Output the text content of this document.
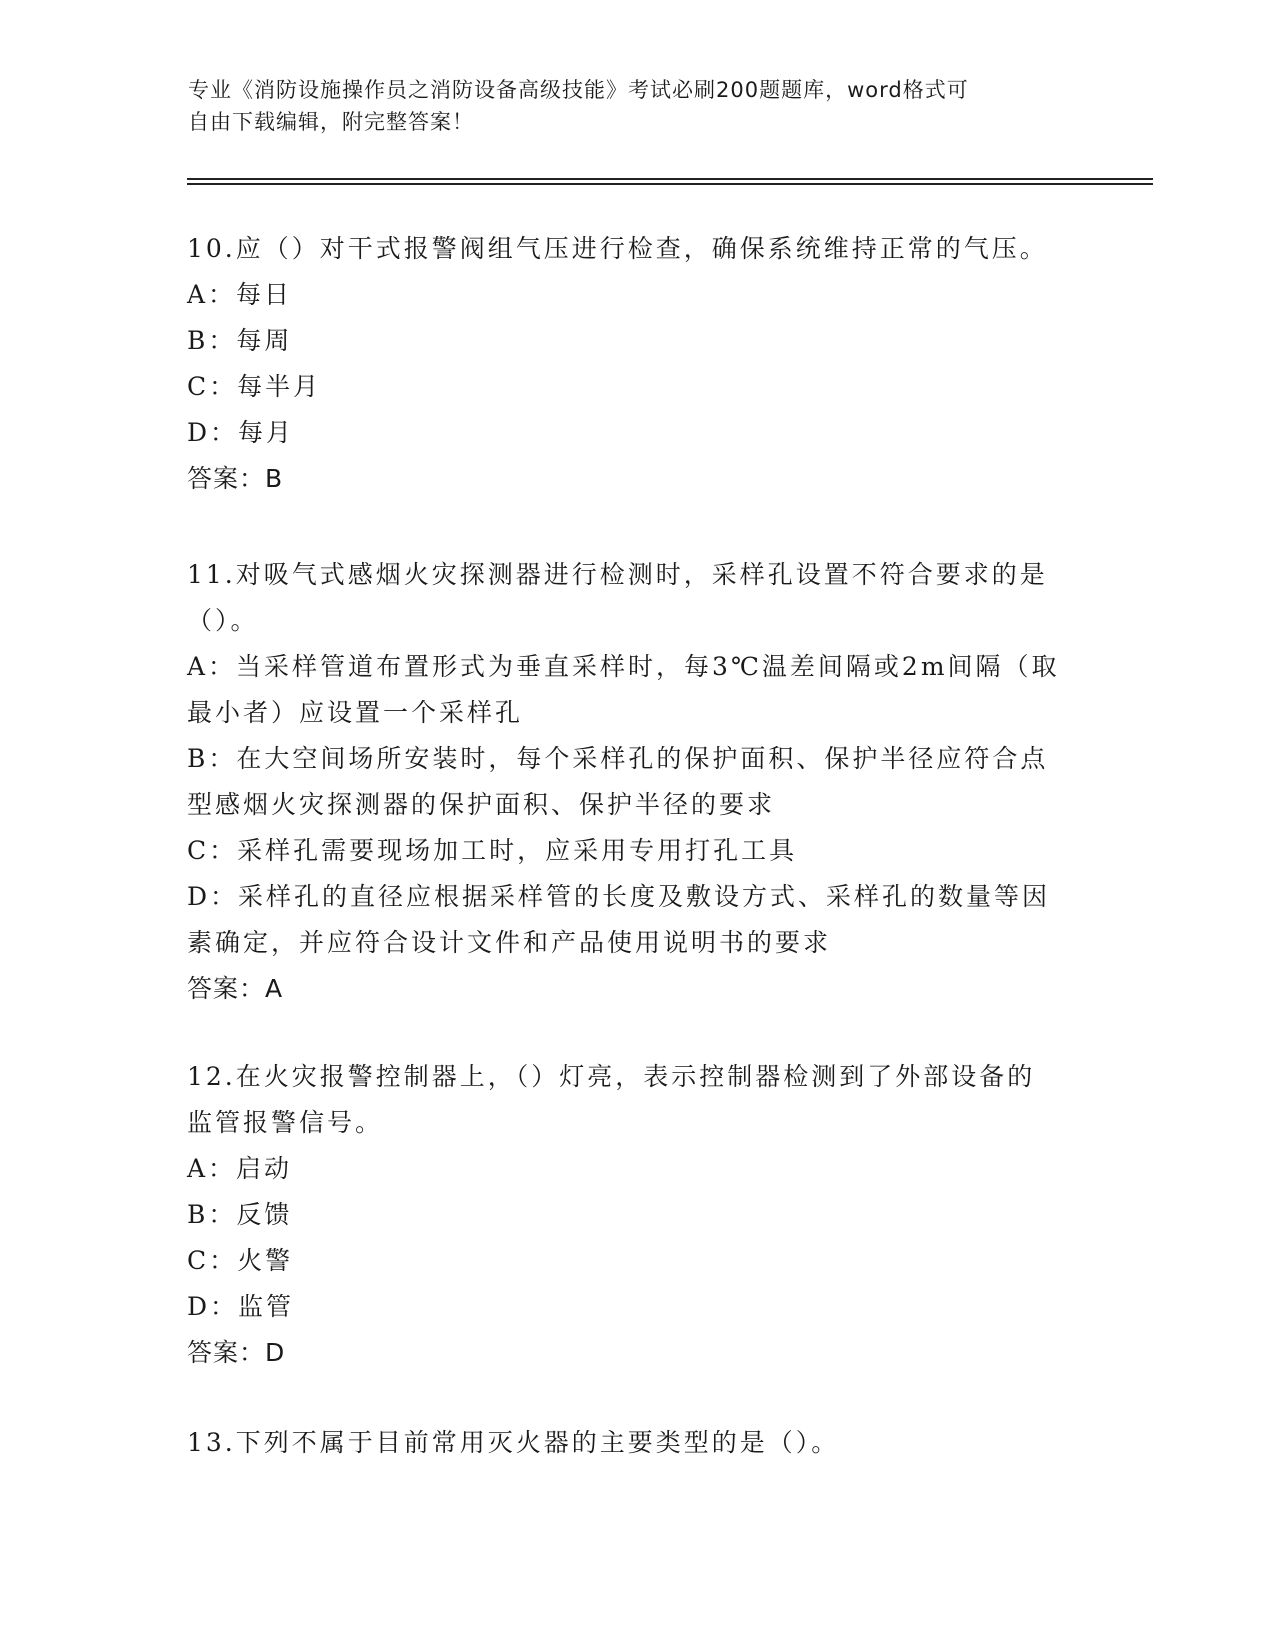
专业《消防设施操作员之消防设备高级技能》考试必刷200题题库，word格式可
自由下载编辑，附完整答案！
10.应（）对干式报警阀组气压进行检查，确保系统维持正常的气压。
A：每日
B：每周
C：每半月
D：每月
答案：B
11.对吸气式感烟火灾探测器进行检测时，采样孔设置不符合要求的是
（）。
A：当采样管道布置形式为垂直采样时，每3℃温差间隔或2m间隔（取
最小者）应设置一个采样孔
B：在大空间场所安装时，每个采样孔的保护面积、保护半径应符合点
型感烟火灾探测器的保护面积、保护半径的要求
C：采样孔需要现场加工时，应采用专用打孔工具
D：采样孔的直径应根据采样管的长度及敷设方式、采样孔的数量等因
素确定，并应符合设计文件和产品使用说明书的要求
答案：A
12.在火灾报警控制器上，（）灯亮，表示控制器检测到了外部设备的
监管报警信号。
A：启动
B：反馈
C：火警
D：监管
答案：D
13.下列不属于目前常用灭火器的主要类型的是（）。
